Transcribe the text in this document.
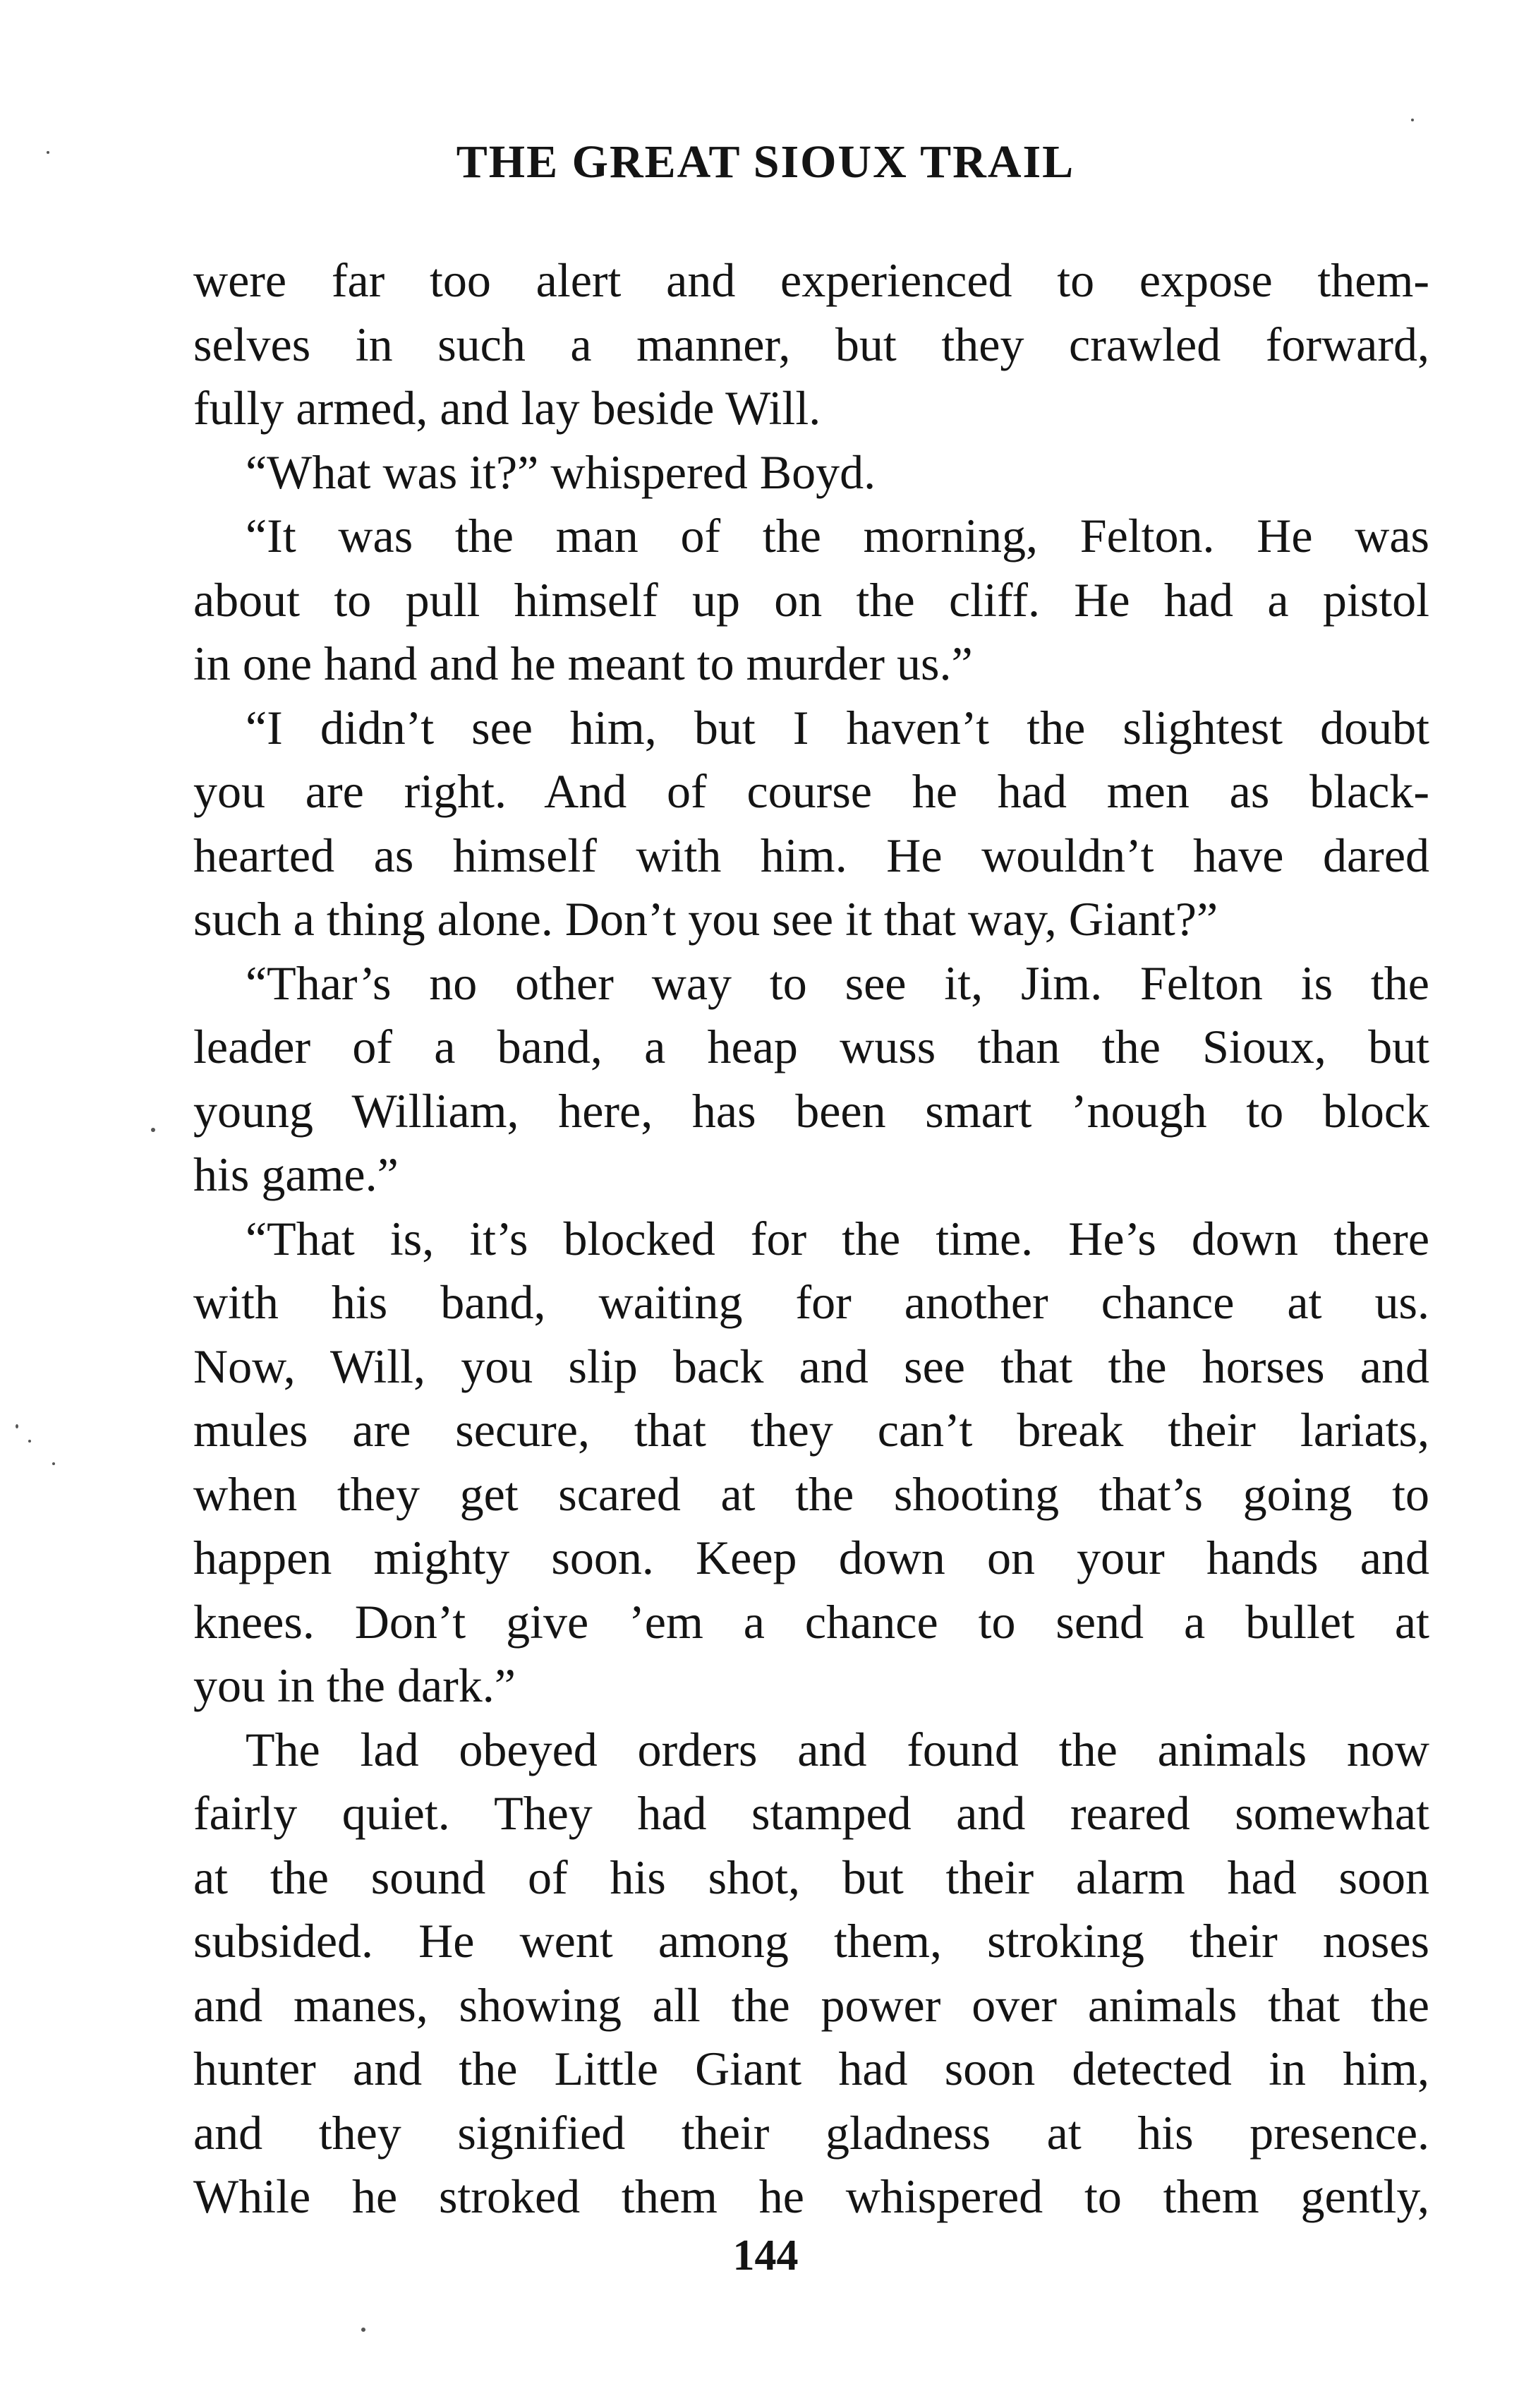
THE GREAT SIOUX TRAIL
were far too alert and experienced to expose them-
selves in such a manner, but they crawled forward,
fully armed, and lay beside Will.
“What was it?” whispered Boyd.
“It was the man of the morning, Felton. He was
about to pull himself up on the cliff. He had a pistol
in one hand and he meant to murder us.”
“I didn’t see him, but I haven’t the slightest doubt
you are right. And of course he had men as black-
hearted as himself with him. He wouldn’t have dared
such a thing alone. Don’t you see it that way, Giant?”
“Thar’s no other way to see it, Jim. Felton is the
leader of a band, a heap wuss than the Sioux, but
young William, here, has been smart ’nough to block
his game.”
“That is, it’s blocked for the time. He’s down there
with his band, waiting for another chance at us.
Now, Will, you slip back and see that the horses and
mules are secure, that they can’t break their lariats,
when they get scared at the shooting that’s going to
happen mighty soon. Keep down on your hands and
knees. Don’t give ’em a chance to send a bullet at
you in the dark.”
The lad obeyed orders and found the animals now
fairly quiet. They had stamped and reared somewhat
at the sound of his shot, but their alarm had soon
subsided. He went among them, stroking their noses
and manes, showing all the power over animals that the
hunter and the Little Giant had soon detected in him,
and they signified their gladness at his presence.
While he stroked them he whispered to them gently,
144
